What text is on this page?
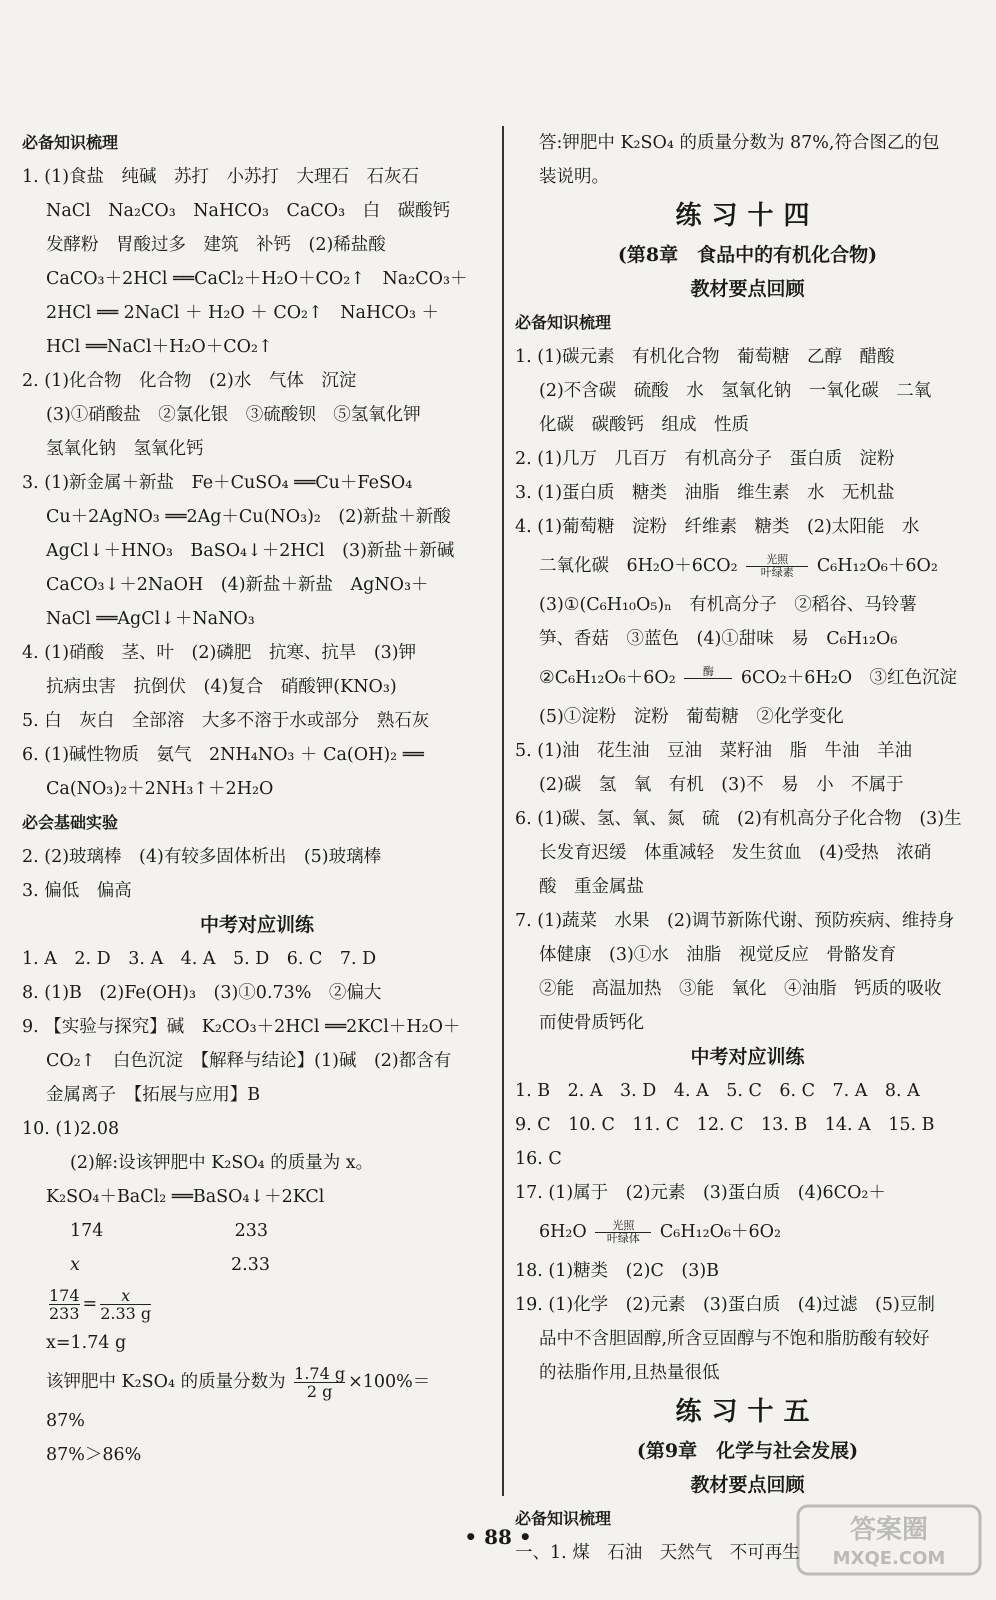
必备知识梳理
1. (1)食盐　纯碱　苏打　小苏打　大理石　石灰石
NaCl　Na₂CO₃　NaHCO₃　CaCO₃　白　碳酸钙
发酵粉　胃酸过多　建筑　补钙　(2)稀盐酸
CaCO₃＋2HCl ══CaCl₂＋H₂O＋CO₂↑　Na₂CO₃＋
2HCl ══ 2NaCl ＋ H₂O ＋ CO₂↑　NaHCO₃ ＋
HCl ══NaCl＋H₂O＋CO₂↑
2. (1)化合物　化合物　(2)水　气体　沉淀
(3)①硝酸盐　②氯化银　③硫酸钡　⑤氢氧化钾
氢氧化钠　氢氧化钙
3. (1)新金属＋新盐　Fe＋CuSO₄ ══Cu＋FeSO₄
Cu＋2AgNO₃ ══2Ag＋Cu(NO₃)₂　(2)新盐＋新酸
AgCl↓＋HNO₃　BaSO₄↓＋2HCl　(3)新盐＋新碱
CaCO₃↓＋2NaOH　(4)新盐＋新盐　AgNO₃＋
NaCl ══AgCl↓＋NaNO₃
4. (1)硝酸　茎、叶　(2)磷肥　抗寒、抗旱　(3)钾
抗病虫害　抗倒伏　(4)复合　硝酸钾(KNO₃)
5. 白　灰白　全部溶　大多不溶于水或部分　熟石灰
6. (1)碱性物质　氨气　2NH₄NO₃ ＋ Ca(OH)₂ ══
Ca(NO₃)₂＋2NH₃↑＋2H₂O
必会基础实验
2. (2)玻璃棒　(4)有较多固体析出　(5)玻璃棒
3. 偏低　偏高
中考对应训练
1. A　2. D　3. A　4. A　5. D　6. C　7. D
8. (1)B　(2)Fe(OH)₃　(3)①0.73%　②偏大
9. 【实验与探究】碱　K₂CO₃＋2HCl ══2KCl＋H₂O＋
CO₂↑　白色沉淀　【解释与结论】(1)碱　(2)都含有
金属离子　【拓展与应用】B
10. (1)2.08
(2)解:设该钾肥中 K₂SO₄ 的质量为 x。
K₂SO₄＋BaCl₂ ══BaSO₄↓＋2KCl
174	233
x	2.33
$\frac{174}{233} = \frac{x}{2.33 g}$
x=1.74 g
该钾肥中 K₂SO₄ 的质量分数为 $\frac{1.74 g}{2 g} \times 100\%=$
87%
87%＞86%
答:钾肥中 K₂SO₄ 的质量分数为 87%,符合图乙的包
装说明。
练习十四
(第8章　食品中的有机化合物)
教材要点回顾
必备知识梳理
1. (1)碳元素　有机化合物　葡萄糖　乙醇　醋酸
(2)不含碳　硫酸　水　氢氧化钠　一氧化碳　二氧
化碳　碳酸钙　组成　性质
2. (1)几万　几百万　有机高分子　蛋白质　淀粉
3. (1)蛋白质　糖类　油脂　维生素　水　无机盐
4. (1)葡萄糖　淀粉　纤维素　糖类　(2)太阳能　水
二氧化碳　6H₂O＋6CO₂	光照
叶绿素	C₆H₁₂O₆＋6O₂
(3)①(C₆H₁₀O₅)ₙ　有机高分子　②稻谷、马铃薯
笋、香菇　③蓝色　(4)①甜味　易　C₆H₁₂O₆
②C₆H₁₂O₆＋6O₂	酶
	6CO₂＋6H₂O　③红色沉淀
(5)①淀粉　淀粉　葡萄糖　②化学变化
5. (1)油　花生油　豆油　菜籽油　脂　牛油　羊油
(2)碳　氢　氧　有机　(3)不　易　小　不属于
6. (1)碳、氢、氧、氮　硫　(2)有机高分子化合物　(3)生
长发育迟缓　体重减轻　发生贫血　(4)受热　浓硝
酸　重金属盐
7. (1)蔬菜　水果　(2)调节新陈代谢、预防疾病、维持身
体健康　(3)①水　油脂　视觉反应　骨骼发育
②能　高温加热　③能　氧化　④油脂　钙质的吸收
而使骨质钙化
中考对应训练
1. B　2. A　3. D　4. A　5. C　6. C　7. A　8. A
9. C　10. C　11. C　12. C　13. B　14. A　15. B
16. C
17. (1)属于　(2)元素　(3)蛋白质　(4)6CO₂＋
6H₂O	光照
叶绿体	C₆H₁₂O₆＋6O₂
18. (1)糖类　(2)C　(3)B
19. (1)化学　(2)元素　(3)蛋白质　(4)过滤　(5)豆制
品中不含胆固醇,所含豆固醇与不饱和脂肪酸有较好
的祛脂作用,且热量很低
练习十五
(第9章　化学与社会发展)
教材要点回顾
必备知识梳理
一、1. 煤　石油　天然气　不可再生
• 88 •	答案圈
MXQE.COM
